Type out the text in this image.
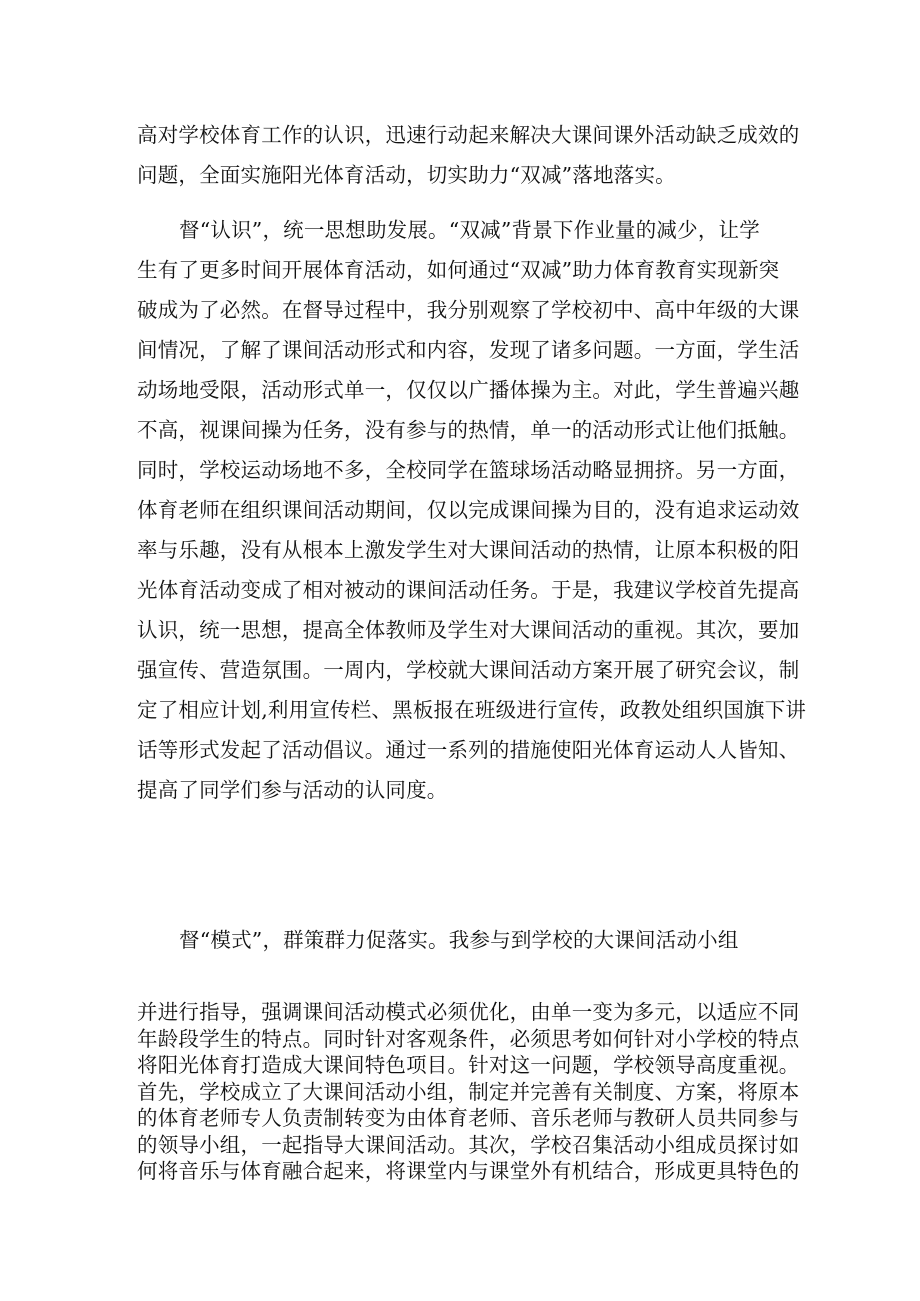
高对学校体育工作的认识，迅速行动起来解决大课间课外活动缺乏成效的
问题，全面实施阳光体育活动，切实助力“双减”落地落实。
督“认识”，统一思想助发展。“双减”背景下作业量的减少，让学
生有了更多时间开展体育活动，如何通过“双减”助力体育教育实现新突
破成为了必然。在督导过程中，我分别观察了学校初中、高中年级的大课
间情况，了解了课间活动形式和内容，发现了诸多问题。一方面，学生活
动场地受限，活动形式单一，仅仅以广播体操为主。对此，学生普遍兴趣
不高，视课间操为任务，没有参与的热情，单一的活动形式让他们抵触。
同时，学校运动场地不多，全校同学在篮球场活动略显拥挤。另一方面，
体育老师在组织课间活动期间，仅以完成课间操为目的，没有追求运动效
率与乐趣，没有从根本上激发学生对大课间活动的热情，让原本积极的阳
光体育活动变成了相对被动的课间活动任务。于是，我建议学校首先提高
认识，统一思想，提高全体教师及学生对大课间活动的重视。其次，要加
强宣传、营造氛围。一周内，学校就大课间活动方案开展了研究会议，制
定了相应计划,利用宣传栏、黑板报在班级进行宣传，政教处组织国旗下讲
话等形式发起了活动倡议。通过一系列的措施使阳光体育运动人人皆知、
提高了同学们参与活动的认同度。
督“模式”，群策群力促落实。我参与到学校的大课间活动小组
并进行指导，强调课间活动模式必须优化，由单一变为多元，以适应不同
年龄段学生的特点。同时针对客观条件，必须思考如何针对小学校的特点
将阳光体育打造成大课间特色项目。针对这一问题，学校领导高度重视。
首先，学校成立了大课间活动小组，制定并完善有关制度、方案，将原本
的体育老师专人负责制转变为由体育老师、音乐老师与教研人员共同参与
的领导小组，一起指导大课间活动。其次，学校召集活动小组成员探讨如
何将音乐与体育融合起来，将课堂内与课堂外有机结合，形成更具特色的
